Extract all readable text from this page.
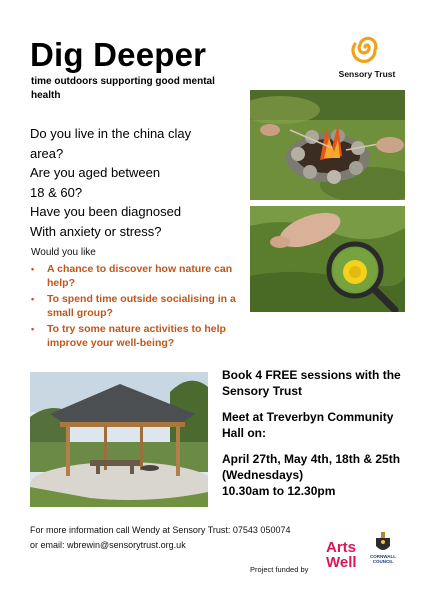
Dig Deeper
time outdoors supporting good mental health
Sensory Trust
Do you live in the china clay
area?
Are you aged between
18 & 60?
Have you been diagnosed
With anxiety or stress?
Would you like
• A chance to discover how nature can help?
• To spend time outside socialising in a small group?
• To try some nature activities to help improve your well-being?

Book 4 FREE sessions with the Sensory Trust

Meet at Treverbyn Community Hall on:

April 27th, May 4th, 18th & 25th (Wednesdays)

10.30am to 12.30pm

For more information call Wendy at Sensory Trust: 07543 050074
or email: wbrewin@sensorytrust.org.uk
Project funded by
Arts
Well	CORNWALL
COUNCIL
